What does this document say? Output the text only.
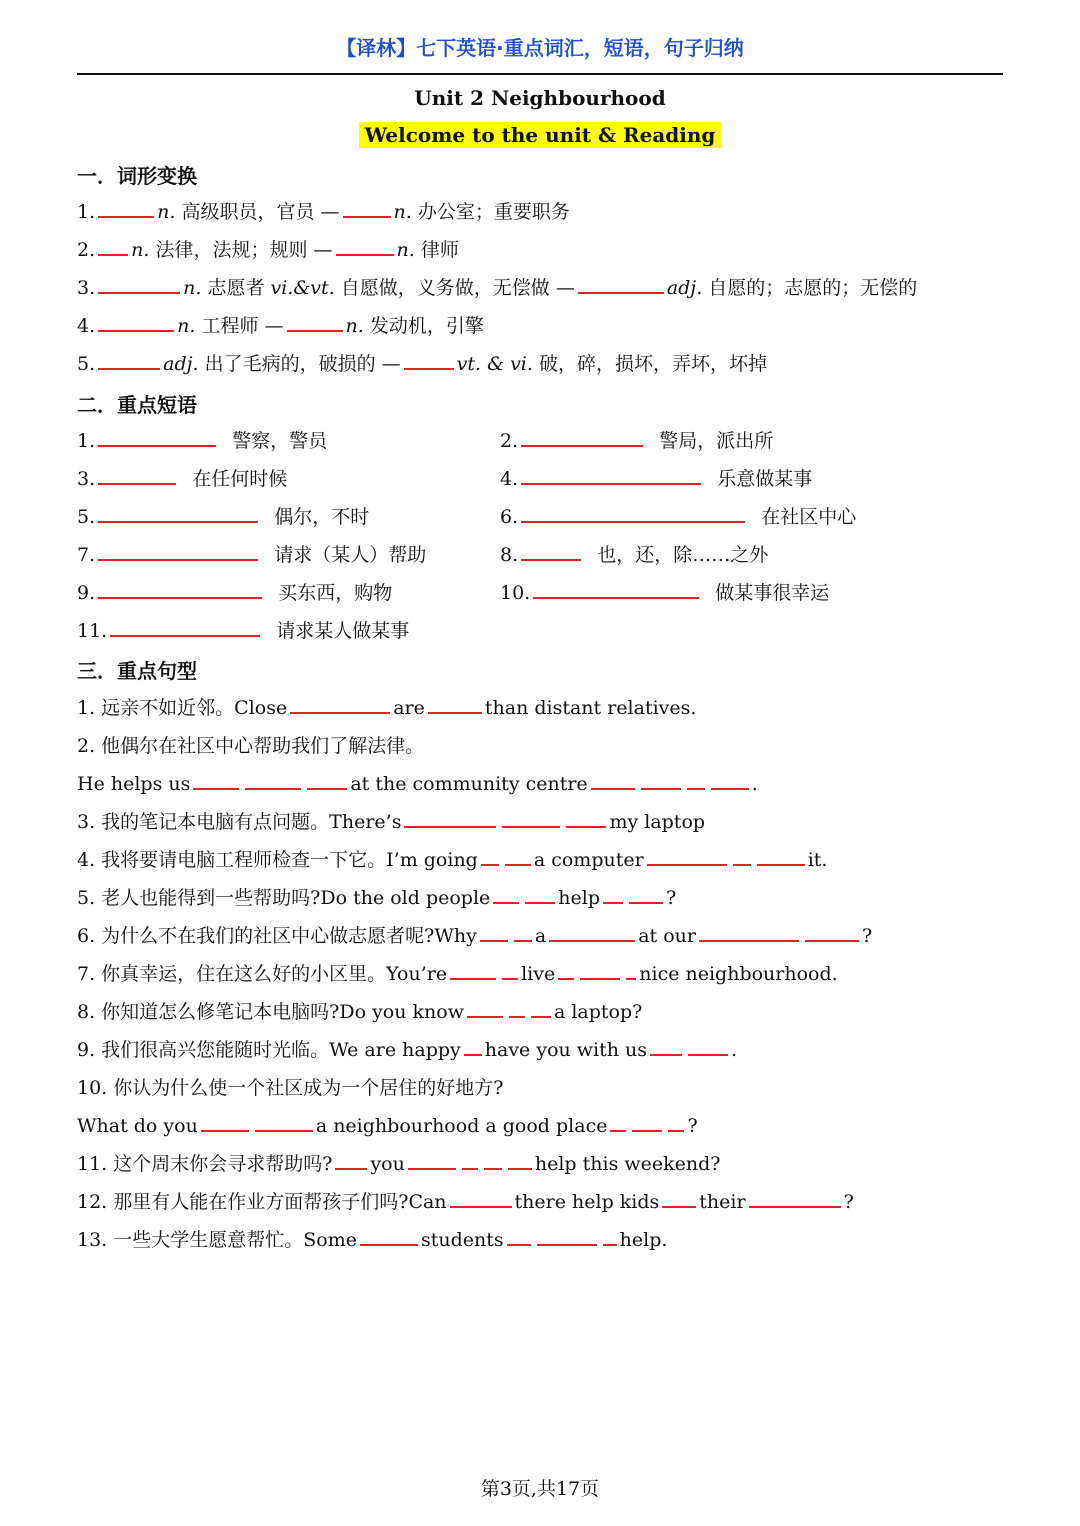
【译林】七下英语·重点词汇，短语，句子归纳
Unit 2 Neighbourhood
Welcome to the unit & Reading
一．词形变换
1.	n. 高级职员，官员 —	n. 办公室；重要职务
2. n. 法律，法规；规则 —	n. 律师
3.	n. 志愿者 vi.&vt. 自愿做，义务做，无偿做 —	adj. 自愿的；志愿的；无偿的
4.	n. 工程师 —	n. 发动机，引擎
5.	adj. 出了毛病的，破损的 —	vt. & vi. 破，碎，损坏，弄坏，坏掉
二．重点短语
1.	警察，警员	2.	警局，派出所
3.	在任何时候	4.	乐意做某事
5.	偶尔，不时	6.	在社区中心
7.	请求（某人）帮助	8.	也，还，除……之外
9.	买东西，购物	10.	做某事很幸运
11.	请求某人做某事
三．重点句型
1. 远亲不如近邻。Close	are	than distant relatives.
2. 他偶尔在社区中心帮助我们了解法律。
He helps us	at the community centre	.
3. 我的笔记本电脑有点问题。There’s	my laptop
4. 我将要请电脑工程师检查一下它。I’m going	a computer	it.
5. 老人也能得到一些帮助吗?Do the old people	help	?
6. 为什么不在我们的社区中心做志愿者呢?Why	a	at our	?
7. 你真幸运，住在这么好的小区里。You’re	live	nice neighbourhood.
8. 你知道怎么修笔记本电脑吗?Do you know	a laptop?
9. 我们很高兴您能随时光临。We are happy have you with us	.
10. 你认为什么使一个社区成为一个居住的好地方?
What do you	a neighbourhood a good place	?
11. 这个周末你会寻求帮助吗? you	help this weekend?
12. 那里有人能在作业方面帮孩子们吗?Can	there help kids their	?
13. 一些大学生愿意帮忙。Some	students	help.
第3页,共17页
